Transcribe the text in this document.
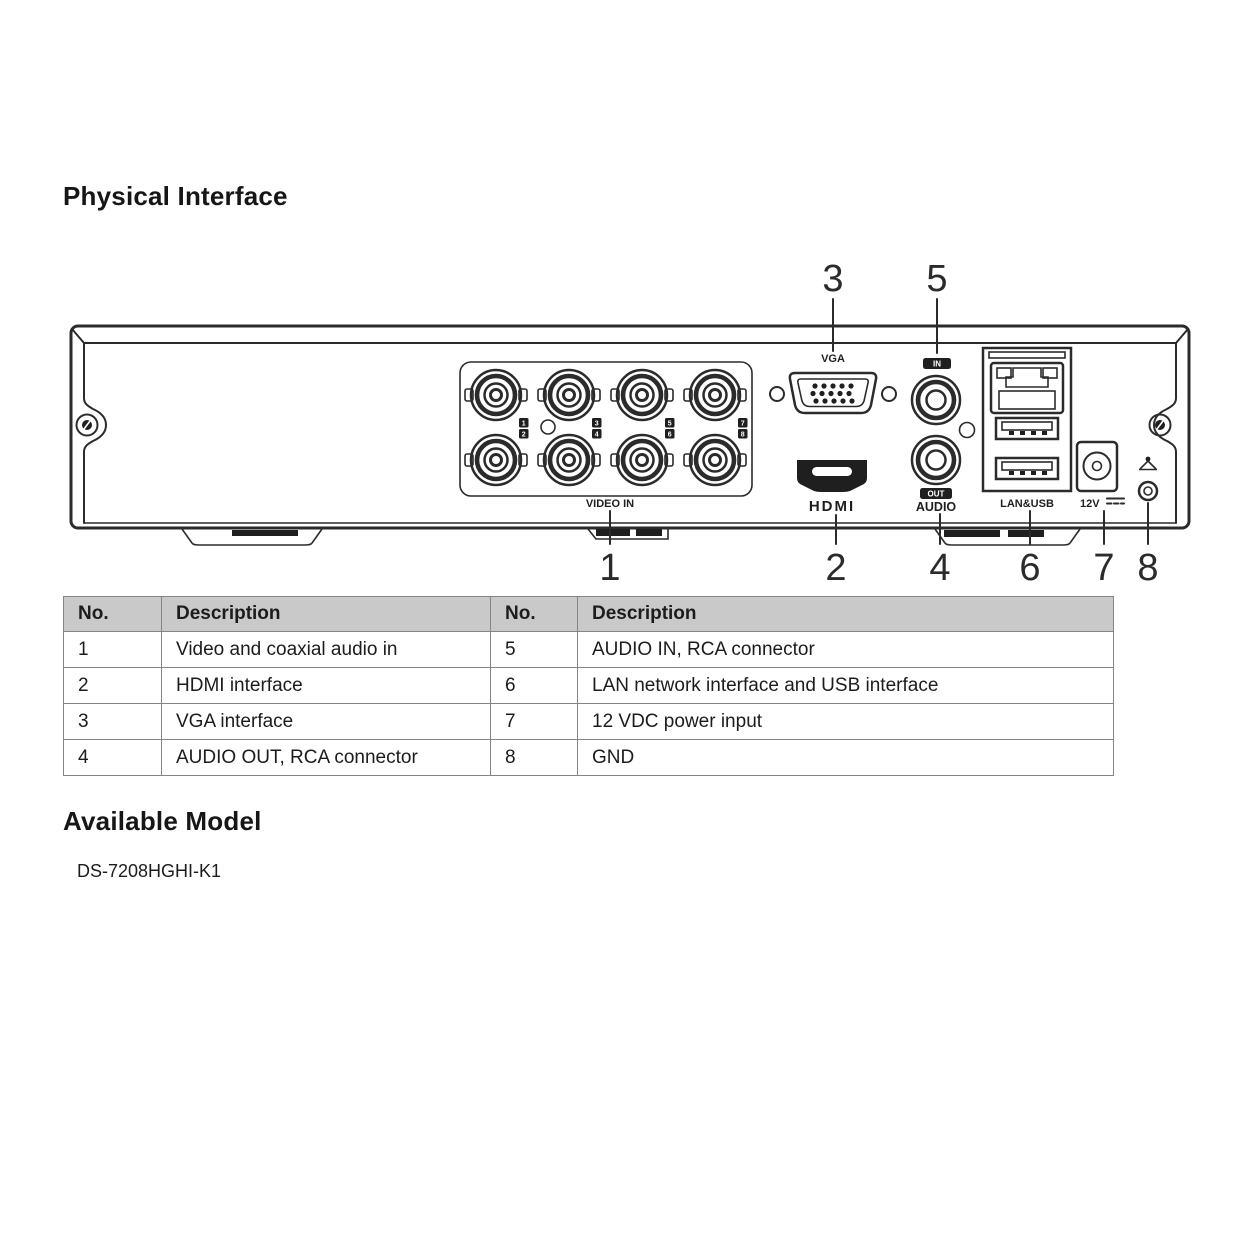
Physical Interface
1
2
3
4
5
6
7
8
VIDEO IN
VGA
HDMI
IN
OUT
AUDIO	LAN&USB 12V
3 5
1	2 4 6 7 8
No.	Description	No.	Description
1	Video and coaxial audio in	5	AUDIO IN, RCA connector
2	HDMI interface	6	LAN network interface and USB interface
3	VGA interface	7	12 VDC power input
4	AUDIO OUT, RCA connector	8	GND
Available Model
DS-7208HGHI-K1
